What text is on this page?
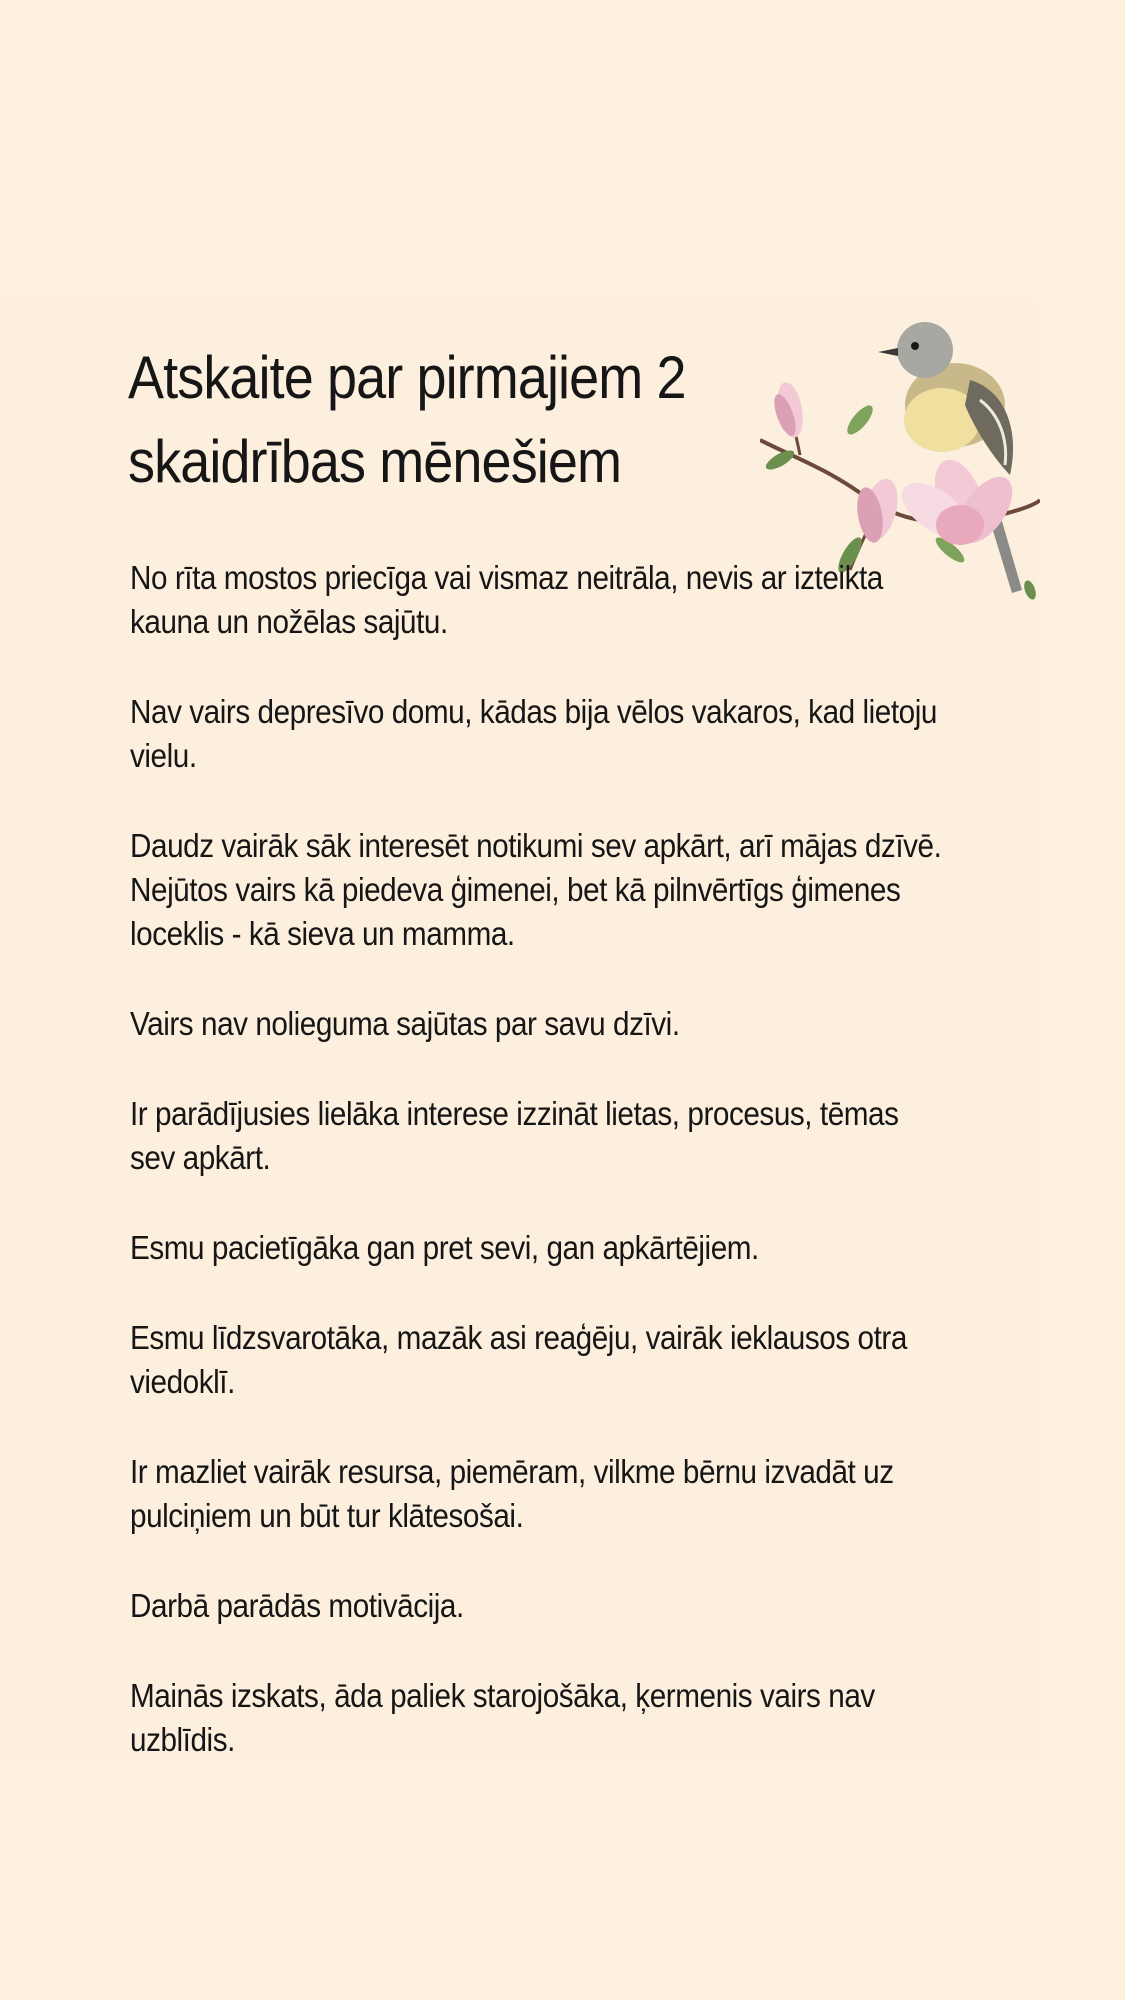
Atskaite par pirmajiem 2
skaidrības mēnešiem

No rīta mostos priecīga vai vismaz neitrāla, nevis ar izteikta
kauna un nožēlas sajūtu.

Nav vairs depresīvo domu, kādas bija vēlos vakaros, kad lietoju
vielu.

Daudz vairāk sāk interesēt notikumi sev apkārt, arī mājas dzīvē.
Nejūtos vairs kā piedeva ģimenei, bet kā pilnvērtīgs ģimenes
loceklis - kā sieva un mamma.

Vairs nav nolieguma sajūtas par savu dzīvi.

Ir parādījusies lielāka interese izzināt lietas, procesus, tēmas
sev apkārt.

Esmu pacietīgāka gan pret sevi, gan apkārtējiem.

Esmu līdzsvarotāka, mazāk asi reaģēju, vairāk ieklausos otra
viedoklī.

Ir mazliet vairāk resursa, piemēram, vilkme bērnu izvadāt uz
pulciņiem un būt tur klātesošai.

Darbā parādās motivācija.

Mainās izskats, āda paliek starojošāka, ķermenis vairs nav
uzblīdis.
